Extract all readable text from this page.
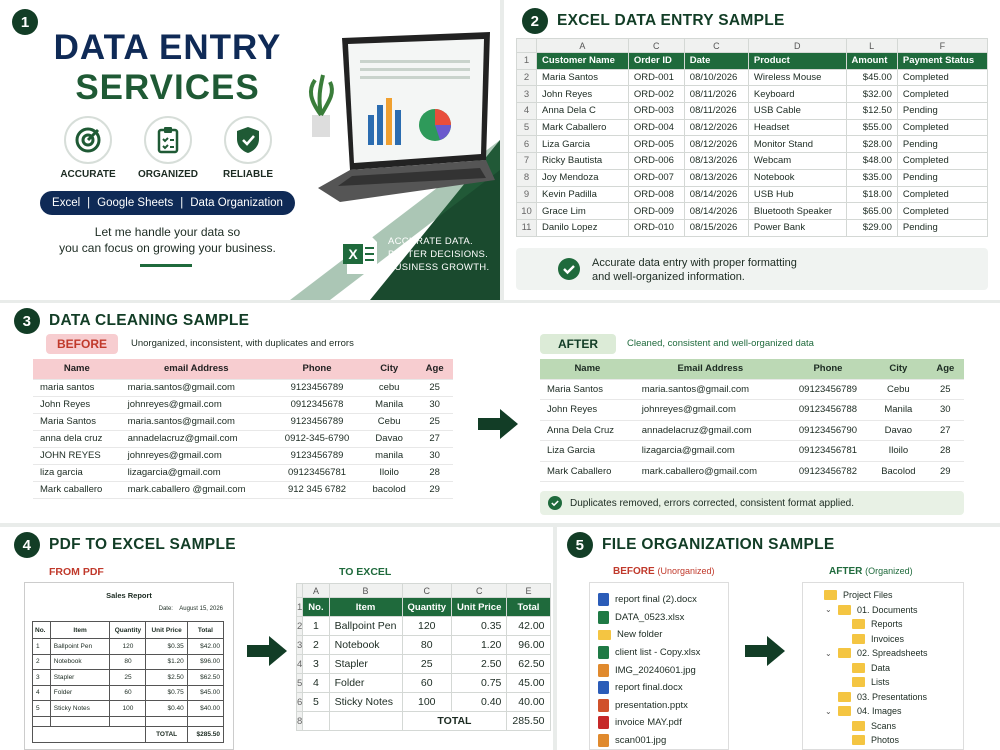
1
DATA ENTRY
SERVICES
ACCURATE	ORGANIZED	RELIABLE
Excel | Google Sheets | Data Organization
Let me handle your data so
you can focus on growing your business.	X
ACCURATE DATA.
BETTER DECISIONS.
BUSINESS GROWTH.
2	EXCEL DATA ENTRY SAMPLE
	A	C	C	D	L	F
1	Customer Name	Order ID	Date	Product	Amount	Payment Status
2	Maria Santos	ORD-001	08/10/2026	Wireless Mouse	$45.00	Completed
3	John Reyes	ORD-002	08/11/2026	Keyboard	$32.00	Completed
4	Anna Dela C	ORD-003	08/11/2026	USB Cable	$12.50	Pending
5	Mark Caballero	ORD-004	08/12/2026	Headset	$55.00	Completed
6	Liza Garcia	ORD-005	08/12/2026	Monitor Stand	$28.00	Pending
7	Ricky Bautista	ORD-006	08/13/2026	Webcam	$48.00	Completed
8	Joy Mendoza	ORD-007	08/13/2026	Notebook	$35.00	Pending
9	Kevin Padilla	ORD-008	08/14/2026	USB Hub	$18.00	Completed
10	Grace Lim	ORD-009	08/14/2026	Bluetooth Speaker	$65.00	Completed
11	Danilo Lopez	ORD-010	08/15/2026	Power Bank	$29.00	Pending
Accurate data entry with proper formatting
and well-organized information.
3	DATA CLEANING SAMPLE
BEFORE	Unorganized, inconsistent, with duplicates and errors
Name	email Address	Phone	City	Age
maria santos	maria.santos@gmail.com	9123456789	cebu	25
John Reyes	johnreyes@gmail.com	0912345678	Manila	30
Maria Santos	maria.santos@gmail.com	9123456789	Cebu	25
anna dela cruz	annadelacruz@gmail.com	0912-345-6790	Davao	27
JOHN REYES	johnreyes@gmail.com	9123456789	manila	30
liza garcia	lizagarcia@gmail.com	09123456781	Iloilo	28
Mark caballero	mark.caballero @gmail.com	912 345 6782	bacolod	29
AFTER	Cleaned, consistent and well-organized data
Name	Email Address	Phone	City	Age
Maria Santos	maria.santos@gmail.com	09123456789	Cebu	25
John Reyes	johnreyes@gmail.com	09123456788	Manila	30
Anna Dela Cruz	annadelacruz@gmail.com	09123456790	Davao	27
Liza Garcia	lizagarcia@gmail.com	09123456781	Iloilo	28
Mark Caballero	mark.caballero@gmail.com	09123456782	Bacolod	29
Duplicates removed, errors corrected, consistent format applied.
4	PDF TO EXCEL SAMPLE
FROM PDF	TO EXCEL
Sales Report
Date:    August 15, 2026
No.	Item	Quantity	Unit Price	Total
1	Ballpoint Pen	120	$0.35	$42.00
2	Notebook	80	$1.20	$96.00
3	Stapler	25	$2.50	$62.50
4	Folder	60	$0.75	$45.00
5	Sticky Notes	100	$0.40	$40.00

			TOTAL	$285.50
	A	B	C	C	E
1	No.	Item	Quantity	Unit Price	Total
2	1	Ballpoint Pen	120	0.35	42.00
3	2	Notebook	80	1.20	96.00
4	3	Stapler	25	2.50	62.50
5	4	Folder	60	0.75	45.00
6	5	Sticky Notes	100	0.40	40.00
8			TOTAL		285.50
5	FILE ORGANIZATION SAMPLE
BEFORE (Unorganized)	AFTER (Organized)
report final (2).docx
DATA_0523.xlsx
New folder
client list - Copy.xlsx
IMG_20240601.jpg
report final.docx
presentation.pptx
invoice MAY.pdf
scan001.jpg
Project Files
⌄	01. Documents
Reports
Invoices
⌄	02. Spreadsheets
Data
Lists
03. Presentations
⌄	04. Images
Scans
Photos
